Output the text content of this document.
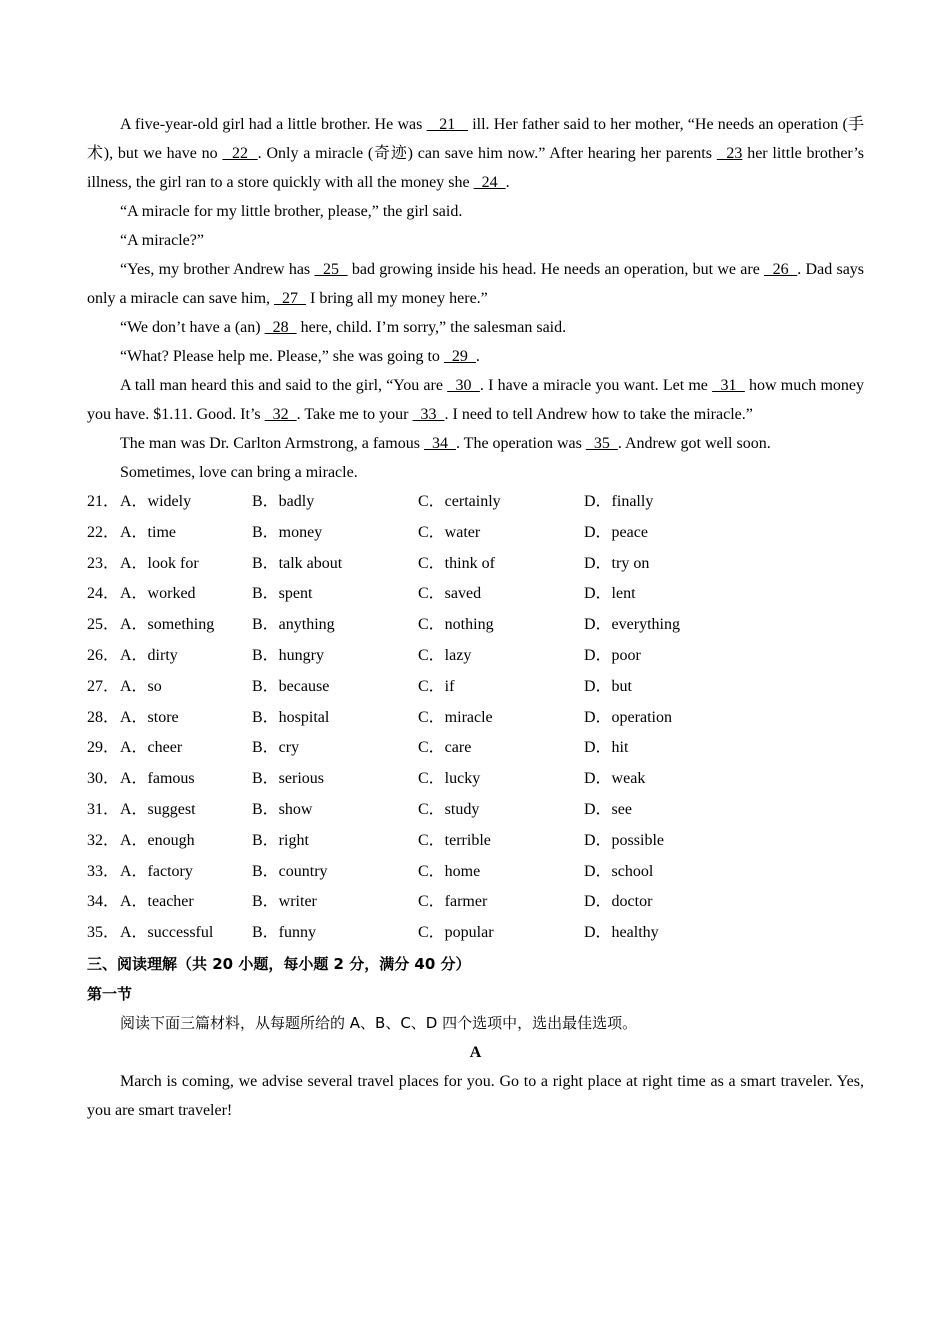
A five-year-old girl had a little brother. He was    21    ill. Her father said to her mother, “He needs an operation (手术), but we have no   22  . Only a miracle (奇迹) can save him now.” After hearing her parents   23 her little brother’s illness, the girl ran to a store quickly with all the money she   24  .

“A miracle for my little brother, please,” the girl said.

“A miracle?”

“Yes, my brother Andrew has   25   bad growing inside his head. He needs an operation, but we are   26  . Dad says only a miracle can save him,   27   I bring all my money here.”

“We don’t have a (an)   28   here, child. I’m sorry,” the salesman said.

“What? Please help me. Please,” she was going to   29  .

A tall man heard this and said to the girl, “You are   30  . I have a miracle you want. Let me   31   how much money you have. $1.11. Good. It’s   32  . Take me to your   33  . I need to tell Andrew how to take the miracle.”

The man was Dr. Carlton Armstrong, a famous   34  . The operation was   35  . Andrew got well soon.

Sometimes, love can bring a miracle.

21． A．widely	B．badly	C．certainly	D．finally
22． A．time	B．money	C．water	D．peace
23． A．look for	B．talk about	C．think of	D．try on
24． A．worked	B．spent	C．saved	D．lent
25． A．something B．anything	C．nothing	D．everything
26． A．dirty	B．hungry	C．lazy	D．poor
27． A．so	B．because	C．if	D．but
28． A．store	B．hospital	C．miracle	D．operation
29． A．cheer	B．cry	C．care	D．hit
30． A．famous	B．serious	C．lucky	D．weak
31． A．suggest	B．show	C．study	D．see
32． A．enough	B．right	C．terrible	D．possible
33． A．factory	B．country	C．home	D．school
34． A．teacher	B．writer	C．farmer	D．doctor
35． A．successful B．funny	C．popular	D．healthy

三、阅读理解（共 20 小题，每小题 2 分，满分 40 分）

第一节

阅读下面三篇材料，从每题所给的 A、B、C、D 四个选项中，选出最佳选项。

A

March is coming, we advise several travel places for you. Go to a right place at right time as a smart traveler. Yes, you are smart traveler!
